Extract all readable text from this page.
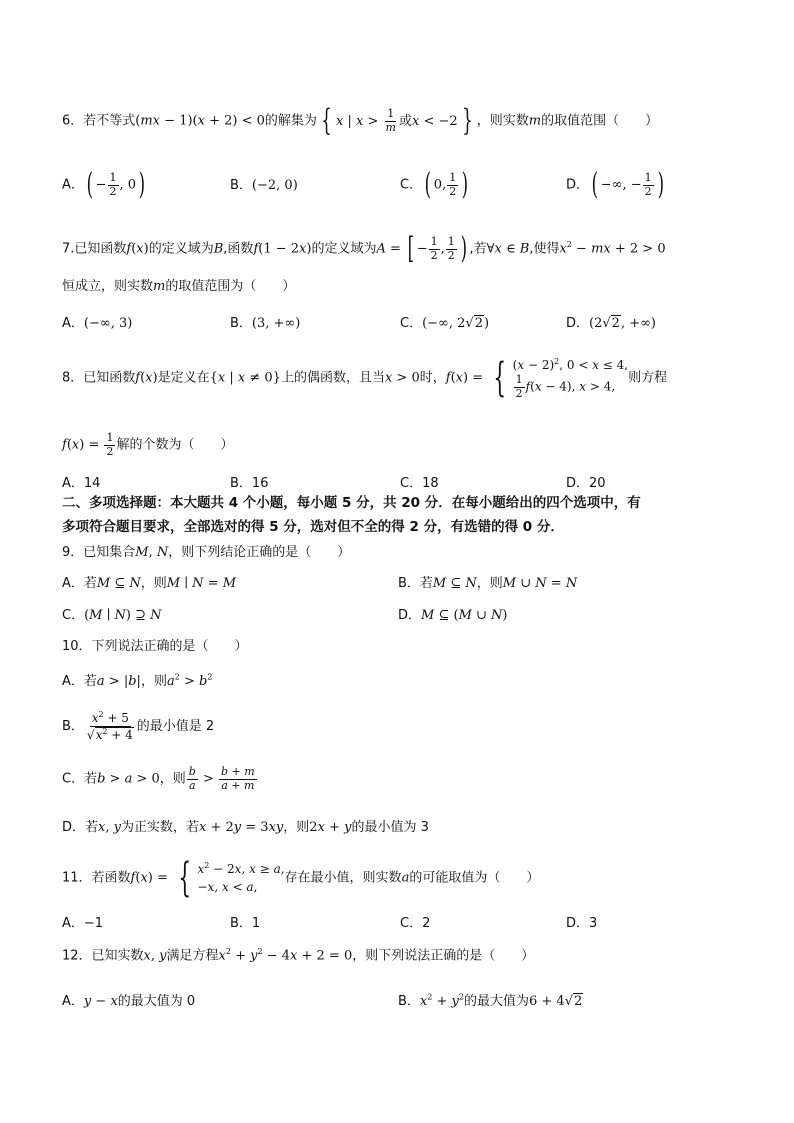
6．若不等式(mx − 1)(x + 2) < 0的解集为 { x | $x > \frac{1}{m}$ 或x < −2 } ，则实数m的取值范围（　　）
A．( − $\frac{1}{2}$ , 0)	B．(−2, 0)	C．( 0, $\frac{1}{2}$ )	D．( −∞, − $\frac{1}{2}$ )
7.已知函数f(x)的定义域为B,函数f(1 − 2x)的定义域为A = [ − $\frac{1}{2}$ , $\frac{1}{2}$ ) ,若∀x ∈ B,使得$x^2$ − mx + 2 > 0
恒成立，则实数m的取值范围为（　　）
A．(−∞, 3)	B．(3, +∞)	C．(−∞, 2√2)	D．(2√2, +∞)
8．已知函数f(x)是定义在{x | x ≠ 0}上的偶函数，且当x > 0时，f(x) = { $(x - 2)^2$, 0 < x ≤ 4,
$\frac{1}{2} f(x - 4)$, x > 4,
则方程
$f(x) = \frac{1}{2}$ 解的个数为（　　）
A．14	B．16	C．18	D．20
二、多项选择题：本大题共 4 个小题，每小题 5 分，共 20 分．在每小题给出的四个选项中，有
多项符合题目要求，全部选对的得 5 分，选对但不全的得 2 分，有选错的得 0 分．
9．已知集合M, N，则下列结论正确的是（　　）
A．若M ⊆ N，则M ∣ N = M	B．若M ⊆ N，则M ∪ N = N
C．(M ∣ N) ⊇ N	D．M ⊆ (M ∪ N)
10．下列说法正确的是（　　）
A．若a > |b|，则$a^2 > b^2$
B． $\frac{x^2 + 5}{√x^2 + 4}$ 的最小值是 2
C．若b > a > 0，则 $\frac{b}{a} > \frac{b + m}{a + m}$
D．若x, y为正实数，若x + 2y = 3xy，则2x + y的最小值为 3
11．若函数f(x) = { $x^2 - 2x$, x ≥ a,
−x, x < a,
存在最小值，则实数a的可能取值为（　　）
A．−1	B．1	C．2	D．3
12．已知实数x, y满足方程$x^2 + y^2 - 4x + 2 = 0$，则下列说法正确的是（　　）
A．y − x的最大值为 0	B．$x^2 + y^2$的最大值为6 + 4√2
